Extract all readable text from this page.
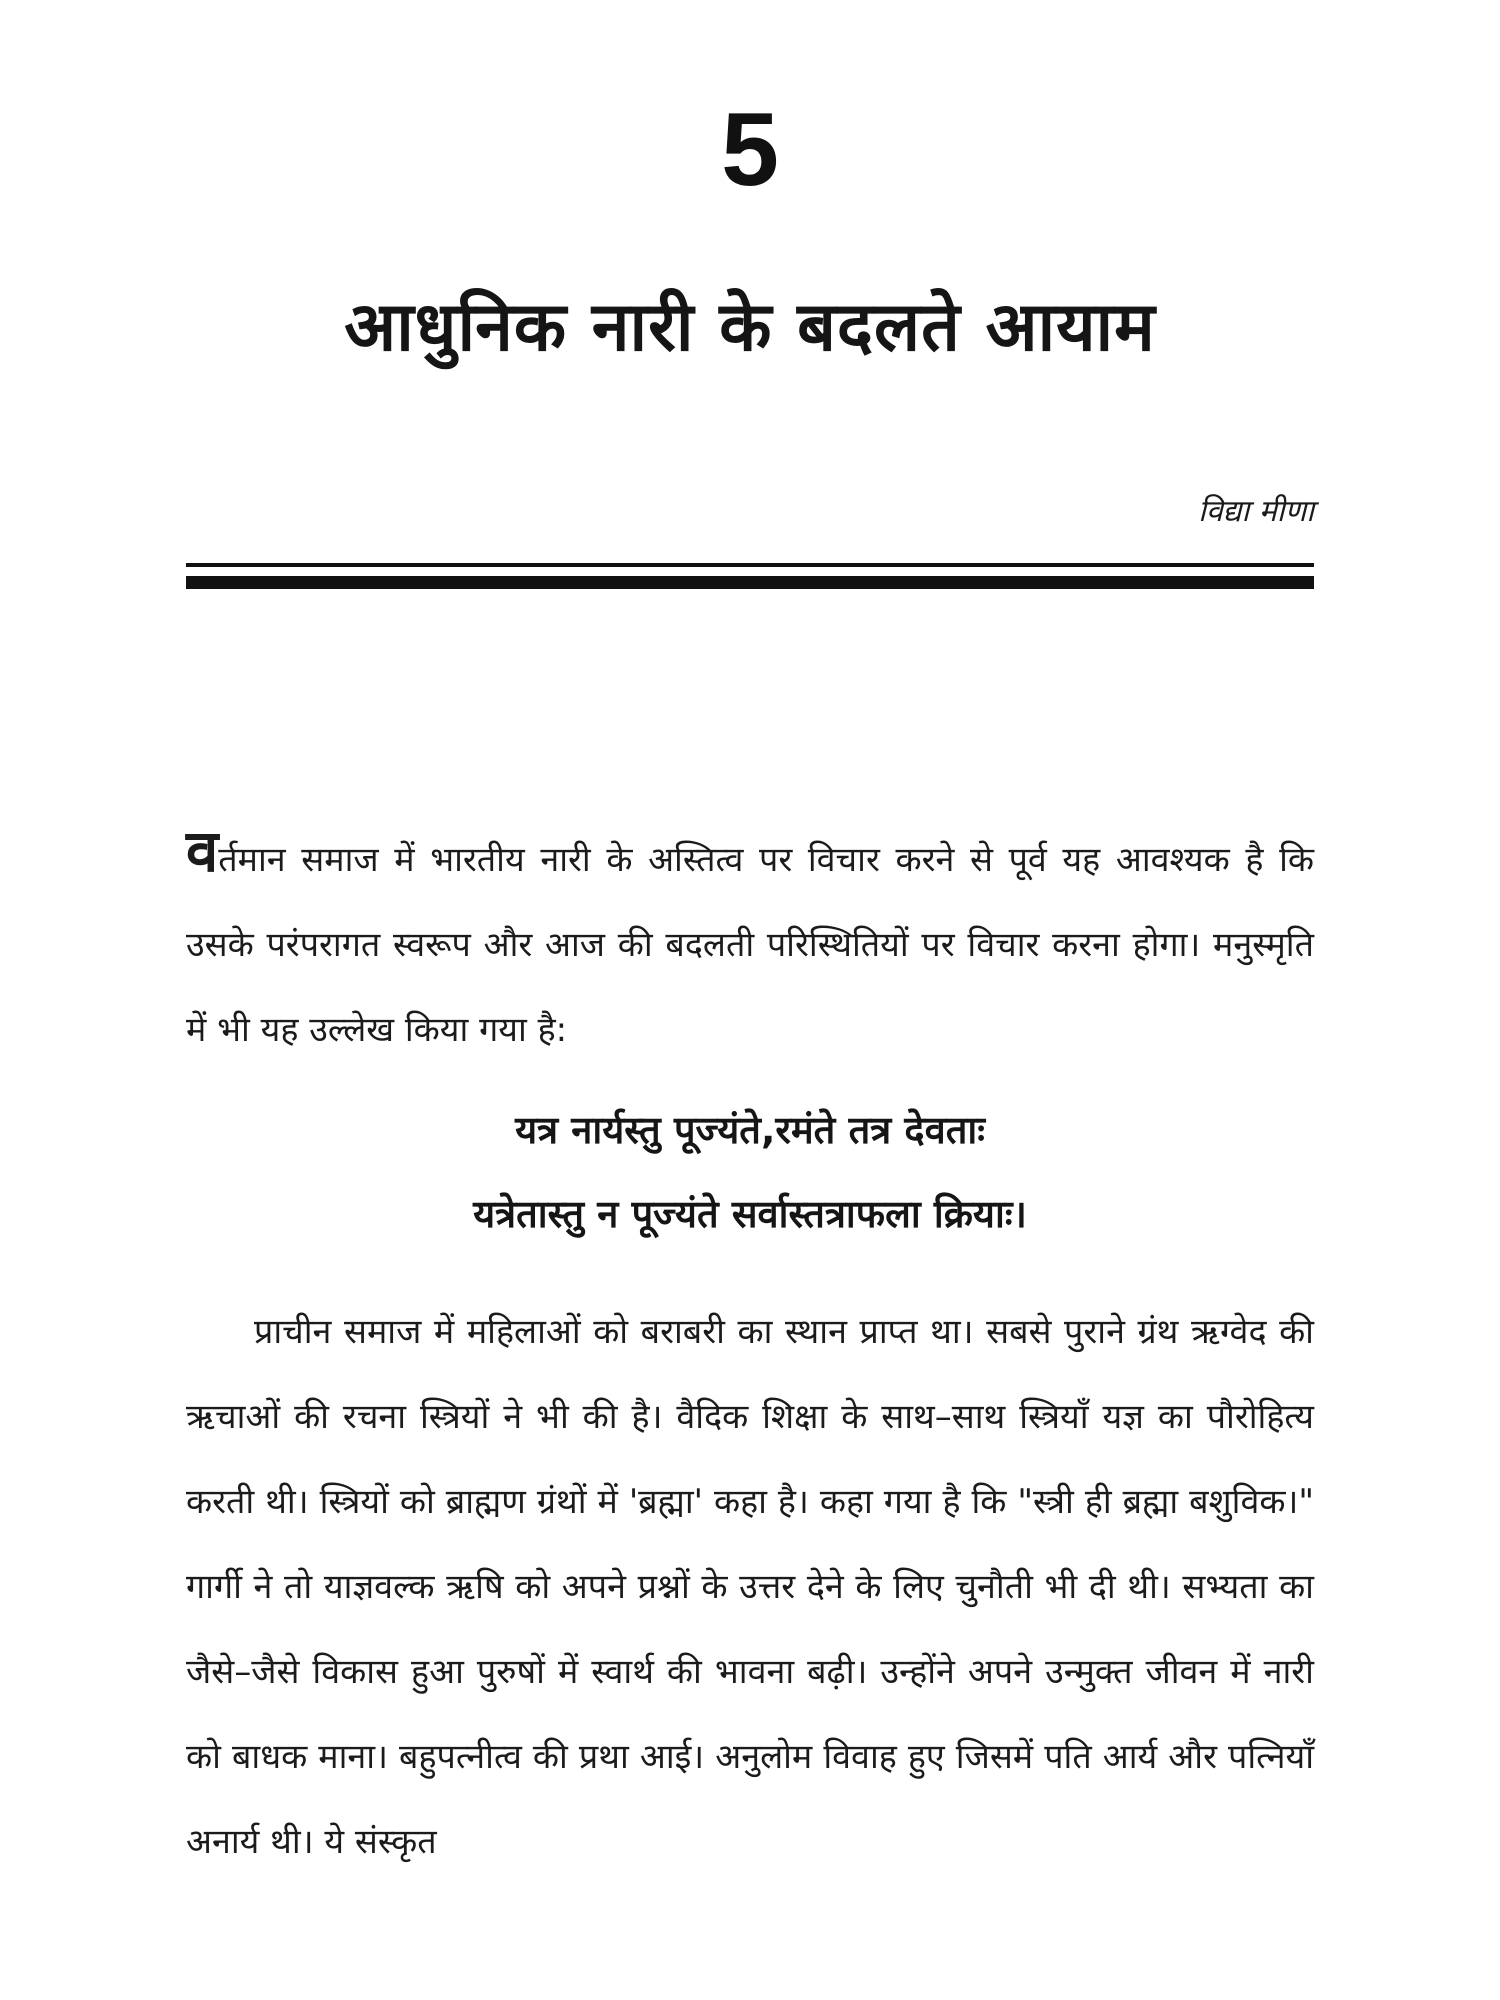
5
आधुनिक नारी के बदलते आयाम
विद्या मीणा
वर्तमान समाज में भारतीय नारी के अस्तित्व पर विचार करने से पूर्व यह आवश्यक है कि उसके परंपरागत स्वरूप और आज की बदलती परिस्थितियों पर विचार करना होगा। मनुस्मृति में भी यह उल्लेख किया गया है:
यत्र नार्यस्तु पूज्यंते,रमंते तत्र देवताः
यत्रेतास्तु न पूज्यंते सर्वास्तत्राफला क्रियाः।
प्राचीन समाज में महिलाओं को बराबरी का स्थान प्राप्त था। सबसे पुराने ग्रंथ ऋग्वेद की ऋचाओं की रचना स्त्रियों ने भी की है। वैदिक शिक्षा के साथ–साथ स्त्रियाँ यज्ञ का पौरोहित्य करती थी। स्त्रियों को ब्राह्मण ग्रंथों में 'ब्रह्मा' कहा है। कहा गया है कि "स्त्री ही ब्रह्मा बशुविक।" गार्गी ने तो याज्ञवल्क ऋषि को अपने प्रश्नों के उत्तर देने के लिए चुनौती भी दी थी। सभ्यता का जैसे–जैसे विकास हुआ पुरुषों में स्वार्थ की भावना बढ़ी। उन्होंने अपने उन्मुक्त जीवन में नारी को बाधक माना। बहुपत्नीत्व की प्रथा आई। अनुलोम विवाह हुए जिसमें पति आर्य और पत्नियाँ अनार्य थी। ये संस्कृत
